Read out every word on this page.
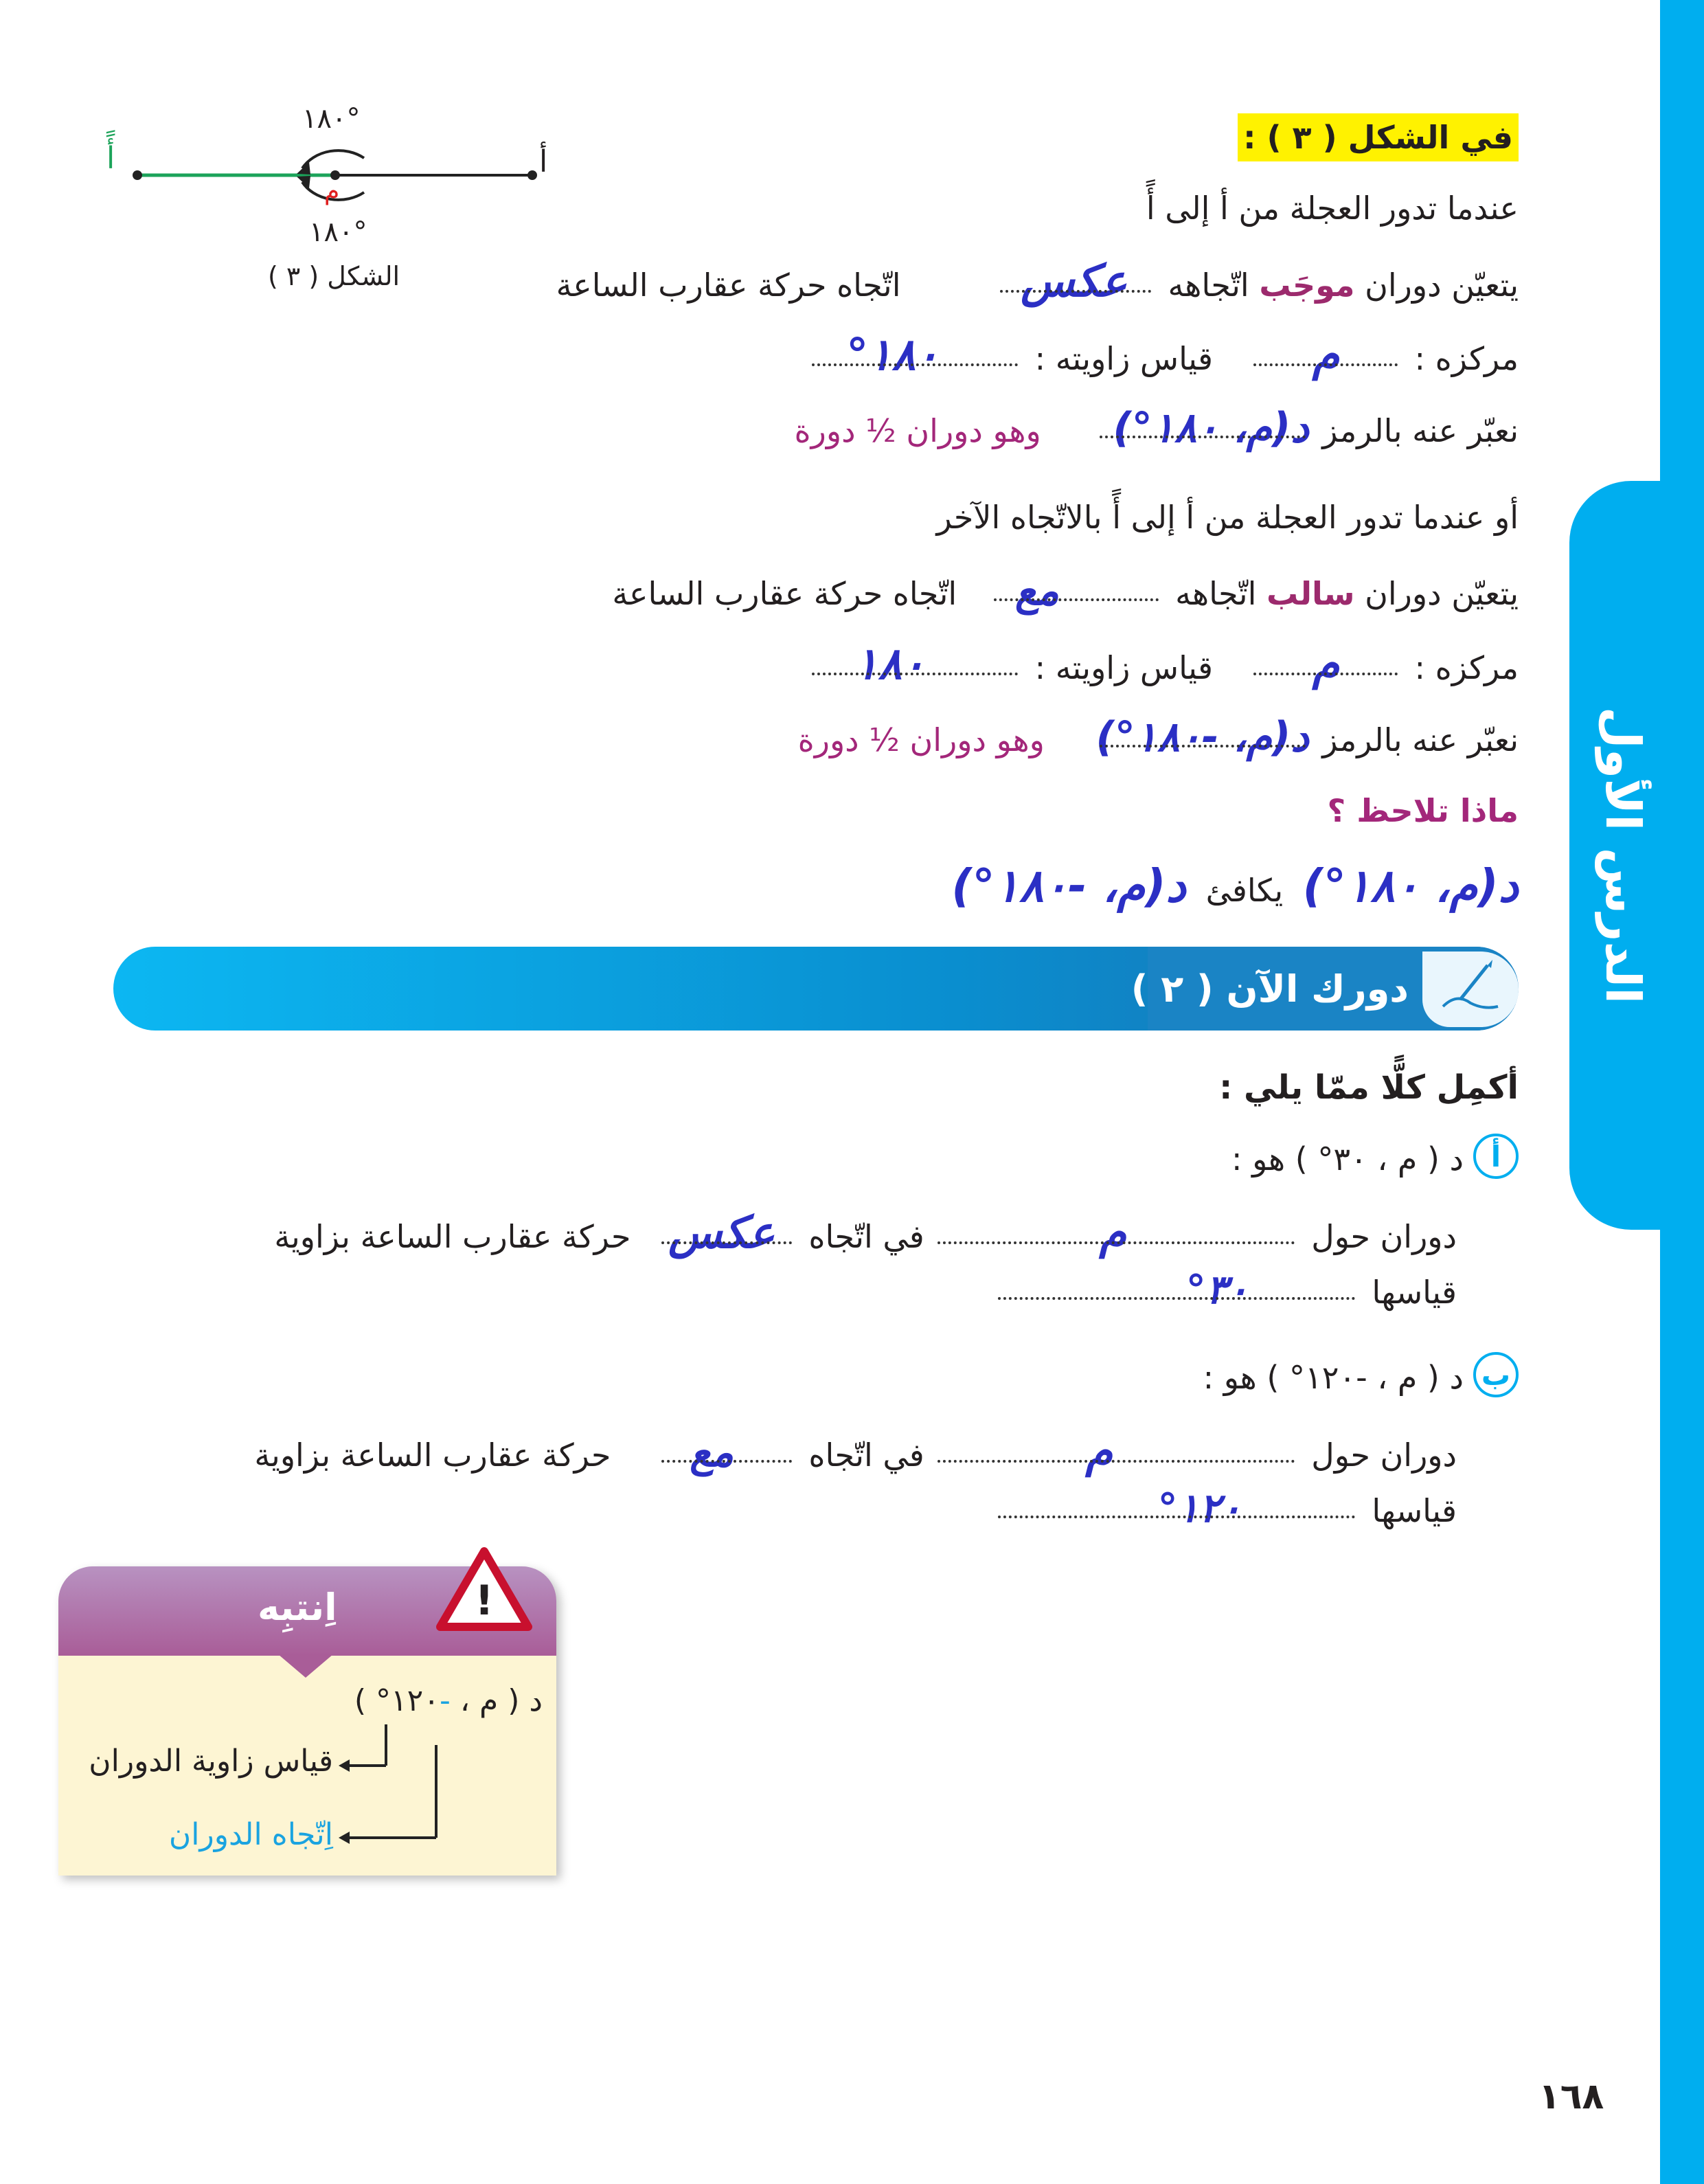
الدرس الأول
١٨٠°
١٨٠°
م
أ
أً
الشكل ( ٣ )
في الشكل ( ٣ ) :
عندما تدور العجلة من أ إلى أً
يتعيّن دوران موجَب اتّجاهه  عكس اتّجاه حركة عقارب الساعة
مركزه :  م قياس زاويته :  ١٨٠°
نعبّر عنه بالرمز  د(م، ١٨٠°) وهو دوران ½ دورة
أو عندما تدور العجلة من أ إلى أً بالاتّجاه الآخر
يتعيّن دوران سالب اتّجاهه  مع اتّجاه حركة عقارب الساعة
مركزه :  م قياس زاويته :  ١٨٠
نعبّر عنه بالرمز  د(م، -١٨٠°) وهو دوران ½ دورة
ماذا تلاحظ ؟
د(م، ١٨٠°) يكافئ د(م، -١٨٠°)
دورك الآن ( ٢ )
أكمِل كلًّا ممّا يلي :
أ
د ( م ، ٣٠° ) هو :
دوران حول  م في اتّجاه  عكس حركة عقارب الساعة بزاوية
قياسها  ٣٠°
ب
د ( م ، -١٢٠° ) هو :
دوران حول  م في اتّجاه  مع حركة عقارب الساعة بزاوية
قياسها  ١٢٠°
اِنتبِه	!
د ( م ، -١٢٠° )
قياس زاوية الدوران
اِتّجاه الدوران
١٦٨
